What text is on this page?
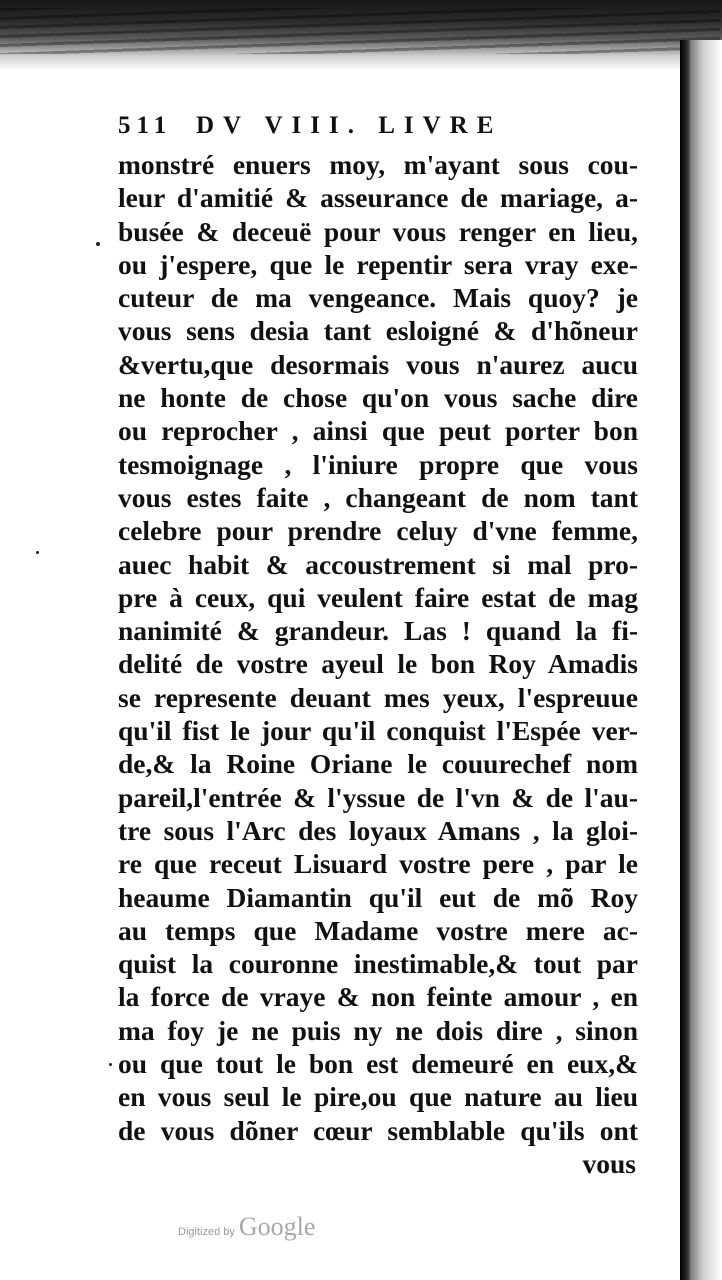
511 DV VIII. LIVRE
monstré enuers moy, m'ayant sous cou-
leur d'amitié & asseurance de mariage, a-
busée & deceuë pour vous renger en lieu,
ou j'espere, que le repentir sera vray exe-
cuteur de ma vengeance. Mais quoy? je
vous sens desia tant esloigné & d'hõneur
&vertu,que desormais vous n'aurez aucu
ne honte de chose qu'on vous sache dire
ou reprocher , ainsi que peut porter bon
tesmoignage , l'iniure propre que vous
vous estes faite , changeant de nom tant
celebre pour prendre celuy d'vne femme,
auec habit & accoustrement si mal pro-
pre à ceux, qui veulent faire estat de mag
nanimité & grandeur. Las ! quand la fi-
delité de vostre ayeul le bon Roy Amadis
se represente deuant mes yeux, l'espreuue
qu'il fist le jour qu'il conquist l'Espée ver-
de,& la Roine Oriane le couurechef nom
pareil,l'entrée & l'yssue de l'vn & de l'au-
tre sous l'Arc des loyaux Amans , la gloi-
re que receut Lisuard vostre pere , par le
heaume Diamantin qu'il eut de mõ Roy
au temps que Madame vostre mere ac-
quist la couronne inestimable,& tout par
la force de vraye & non feinte amour , en
ma foy je ne puis ny ne dois dire , sinon
ou que tout le bon est demeuré en eux,&
en vous seul le pire,ou que nature au lieu
de vous dõner cœur semblable qu'ils ont
vous
Digitized by Google
